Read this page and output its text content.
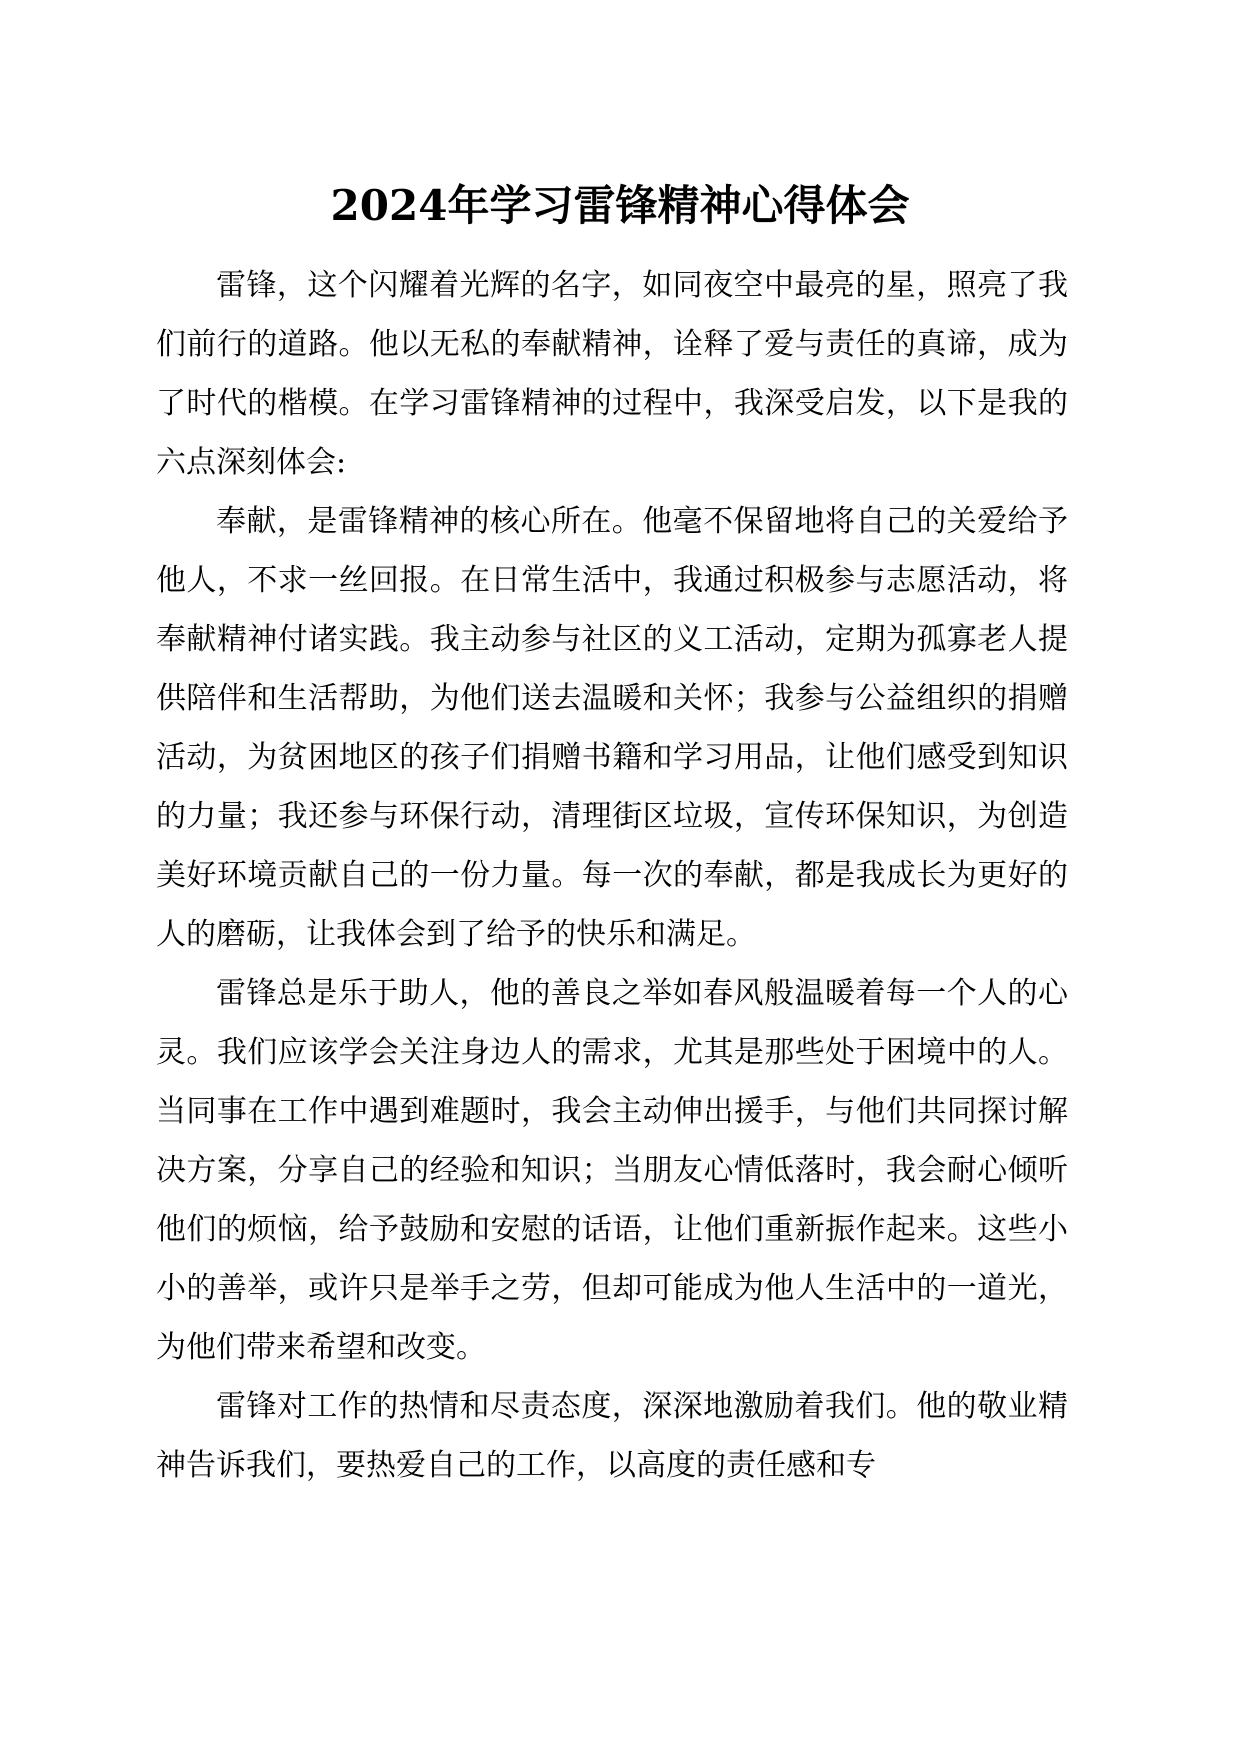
2024年学习雷锋精神心得体会

雷锋，这个闪耀着光辉的名字，如同夜空中最亮的星，照亮了我们前行的道路。他以无私的奉献精神，诠释了爱与责任的真谛，成为了时代的楷模。在学习雷锋精神的过程中，我深受启发，以下是我的六点深刻体会:

奉献，是雷锋精神的核心所在。他毫不保留地将自己的关爱给予他人，不求一丝回报。在日常生活中，我通过积极参与志愿活动，将奉献精神付诸实践。我主动参与社区的义工活动，定期为孤寡老人提供陪伴和生活帮助，为他们送去温暖和关怀；我参与公益组织的捐赠活动，为贫困地区的孩子们捐赠书籍和学习用品，让他们感受到知识的力量；我还参与环保行动，清理街区垃圾，宣传环保知识，为创造美好环境贡献自己的一份力量。每一次的奉献，都是我成长为更好的人的磨砺，让我体会到了给予的快乐和满足。

雷锋总是乐于助人，他的善良之举如春风般温暖着每一个人的心灵。我们应该学会关注身边人的需求，尤其是那些处于困境中的人。当同事在工作中遇到难题时，我会主动伸出援手，与他们共同探讨解决方案，分享自己的经验和知识；当朋友心情低落时，我会耐心倾听他们的烦恼，给予鼓励和安慰的话语，让他们重新振作起来。这些小小的善举，或许只是举手之劳，但却可能成为他人生活中的一道光，为他们带来希望和改变。

雷锋对工作的热情和尽责态度，深深地激励着我们。他的敬业精神告诉我们，要热爱自己的工作，以高度的责任感和专
